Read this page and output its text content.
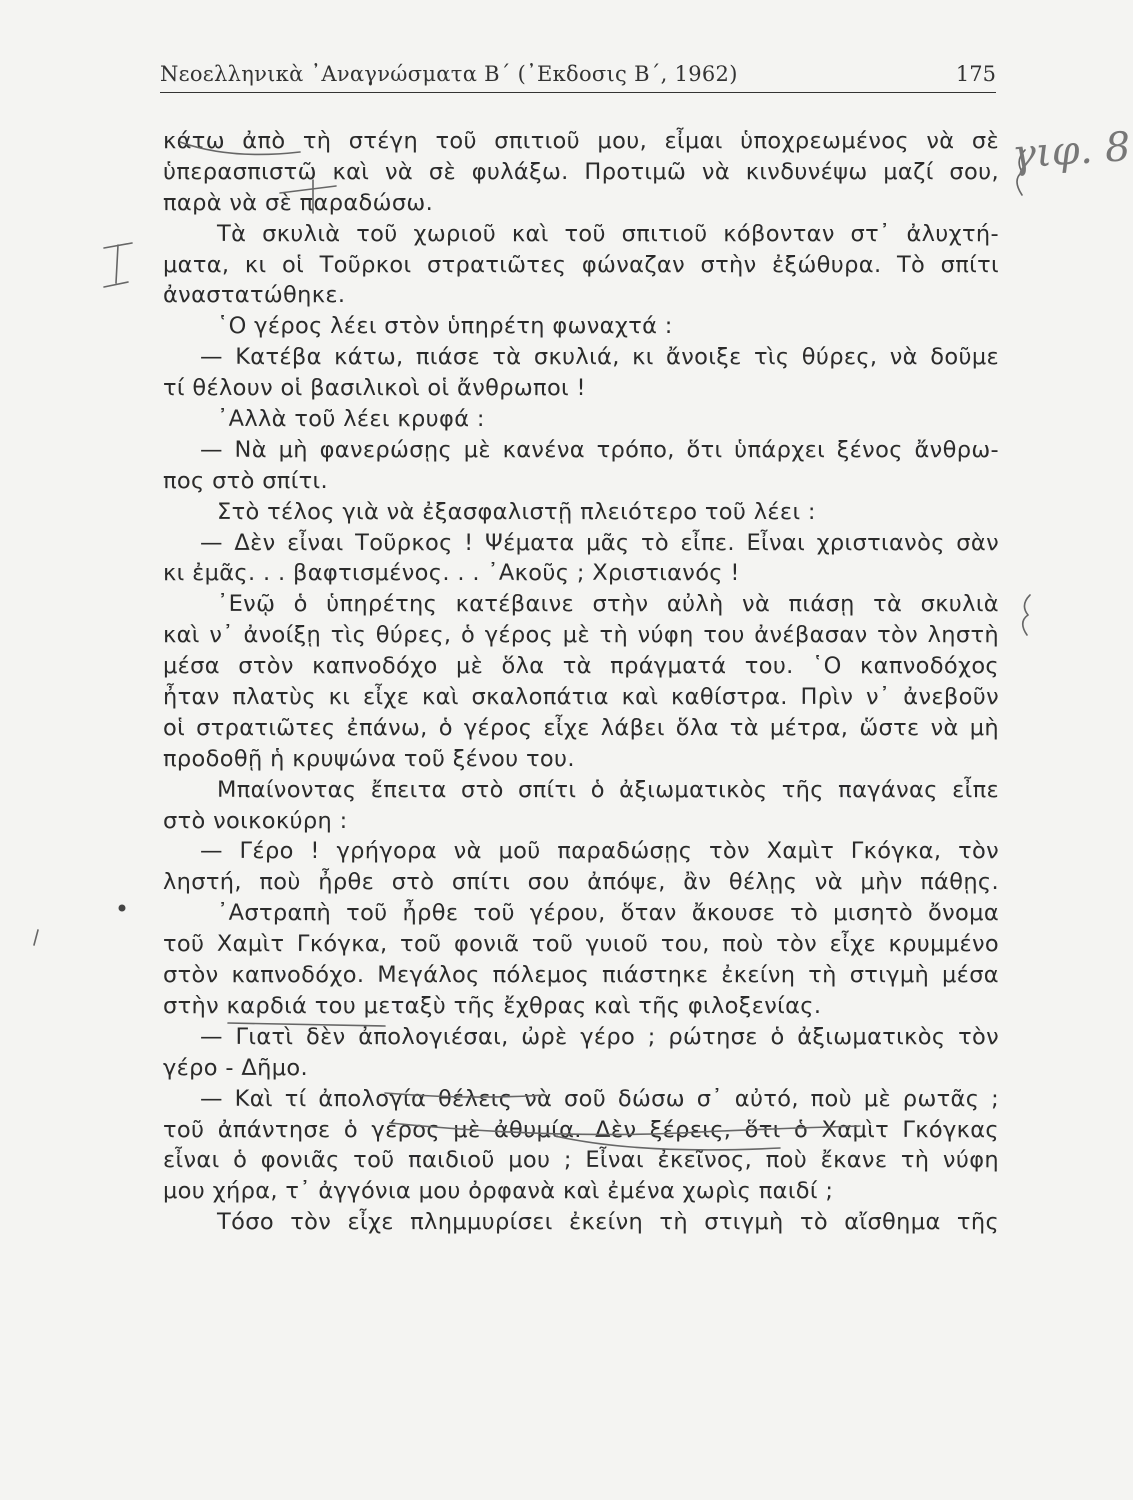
Νεοελληνικὰ ᾿Αναγνώσματα Β΄ (᾿Εκδοσις Β΄, 1962)	175
κάτω ἀπὸ τὴ στέγη τοῦ σπιτιοῦ μου, εἶμαι ὑποχρεωμένος νὰ σὲ
ὑπερασπιστῶ καὶ νὰ σὲ φυλάξω. Προτιμῶ νὰ κινδυνέψω μαζί σου,
παρὰ νὰ σὲ παραδώσω.
Τὰ σκυλιὰ τοῦ χωριοῦ καὶ τοῦ σπιτιοῦ κόβονταν στ᾿ ἀλυχτή-
ματα, κι οἱ Τοῦρκοι στρατιῶτες φώναζαν στὴν ἐξώθυρα. Τὸ σπίτι
ἀναστατώθηκε.
῾Ο γέρος λέει στὸν ὑπηρέτη φωναχτά :
— Κατέβα κάτω, πιάσε τὰ σκυλιά, κι ἄνοιξε τὶς θύρες, νὰ δοῦμε
τί θέλουν οἱ βασιλικοὶ οἱ ἄνθρωποι !
᾿Αλλὰ τοῦ λέει κρυφά :
— Νὰ μὴ φανερώσῃς μὲ κανένα τρόπο, ὅτι ὑπάρχει ξένος ἄνθρω-
πος στὸ σπίτι.
Στὸ τέλος γιὰ νὰ ἐξασφαλιστῇ πλειότερο τοῦ λέει :
— Δὲν εἶναι Τοῦρκος ! Ψέματα μᾶς τὸ εἶπε. Εἶναι χριστιανὸς σὰν
κι ἐμᾶς. . . βαφτισμένος. . . ᾿Ακοῦς ; Χριστιανός !
᾿Ενῷ ὁ ὑπηρέτης κατέβαινε στὴν αὐλὴ νὰ πιάσῃ τὰ σκυλιὰ
καὶ ν᾿ ἀνοίξῃ τὶς θύρες, ὁ γέρος μὲ τὴ νύφη του ἀνέβασαν τὸν ληστὴ
μέσα στὸν καπνοδόχο μὲ ὅλα τὰ πράγματά του. ῾Ο καπνοδόχος
ἦταν πλατὺς κι εἶχε καὶ σκαλοπάτια καὶ καθίστρα. Πρὶν ν᾿ ἀνεβοῦν
οἱ στρατιῶτες ἐπάνω, ὁ γέρος εἶχε λάβει ὅλα τὰ μέτρα, ὥστε νὰ μὴ
προδοθῇ ἡ κρυψώνα τοῦ ξένου του.
Μπαίνοντας ἔπειτα στὸ σπίτι ὁ ἀξιωματικὸς τῆς παγάνας εἶπε
στὸ νοικοκύρη :
— Γέρο ! γρήγορα νὰ μοῦ παραδώσῃς τὸν Χαμὶτ Γκόγκα, τὸν
ληστή, ποὺ ἦρθε στὸ σπίτι σου ἀπόψε, ἂν θέλῃς νὰ μὴν πάθῃς.
᾿Αστραπὴ τοῦ ἦρθε τοῦ γέρου, ὅταν ἄκουσε τὸ μισητὸ ὄνομα
τοῦ Χαμὶτ Γκόγκα, τοῦ φονιᾶ τοῦ γυιοῦ του, ποὺ τὸν εἶχε κρυμμένο
στὸν καπνοδόχο. Μεγάλος πόλεμος πιάστηκε ἐκείνη τὴ στιγμὴ μέσα
στὴν καρδιά του μεταξὺ τῆς ἔχθρας καὶ τῆς φιλοξενίας.
— Γιατὶ δὲν ἀπολογιέσαι, ὠρὲ γέρο ; ρώτησε ὁ ἀξιωματικὸς τὸν
γέρο - Δῆμο.
— Καὶ τί ἀπολογία θέλεις νὰ σοῦ δώσω σ᾿ αὐτό, ποὺ μὲ ρωτᾶς ;
τοῦ ἀπάντησε ὁ γέρος μὲ ἀθυμία. Δὲν ξέρεις, ὅτι ὁ Χαμὶτ Γκόγκας
εἶναι ὁ φονιᾶς τοῦ παιδιοῦ μου ; Εἶναι ἐκεῖνος, ποὺ ἔκανε τὴ νύφη
μου χήρα, τ᾿ ἀγγόνια μου ὀρφανὰ καὶ ἐμένα χωρὶς παιδί ;
Τόσο τὸν εἶχε πλημμυρίσει ἐκείνη τὴ στιγμὴ τὸ αἴσθημα τῆς
γιφ. 8
